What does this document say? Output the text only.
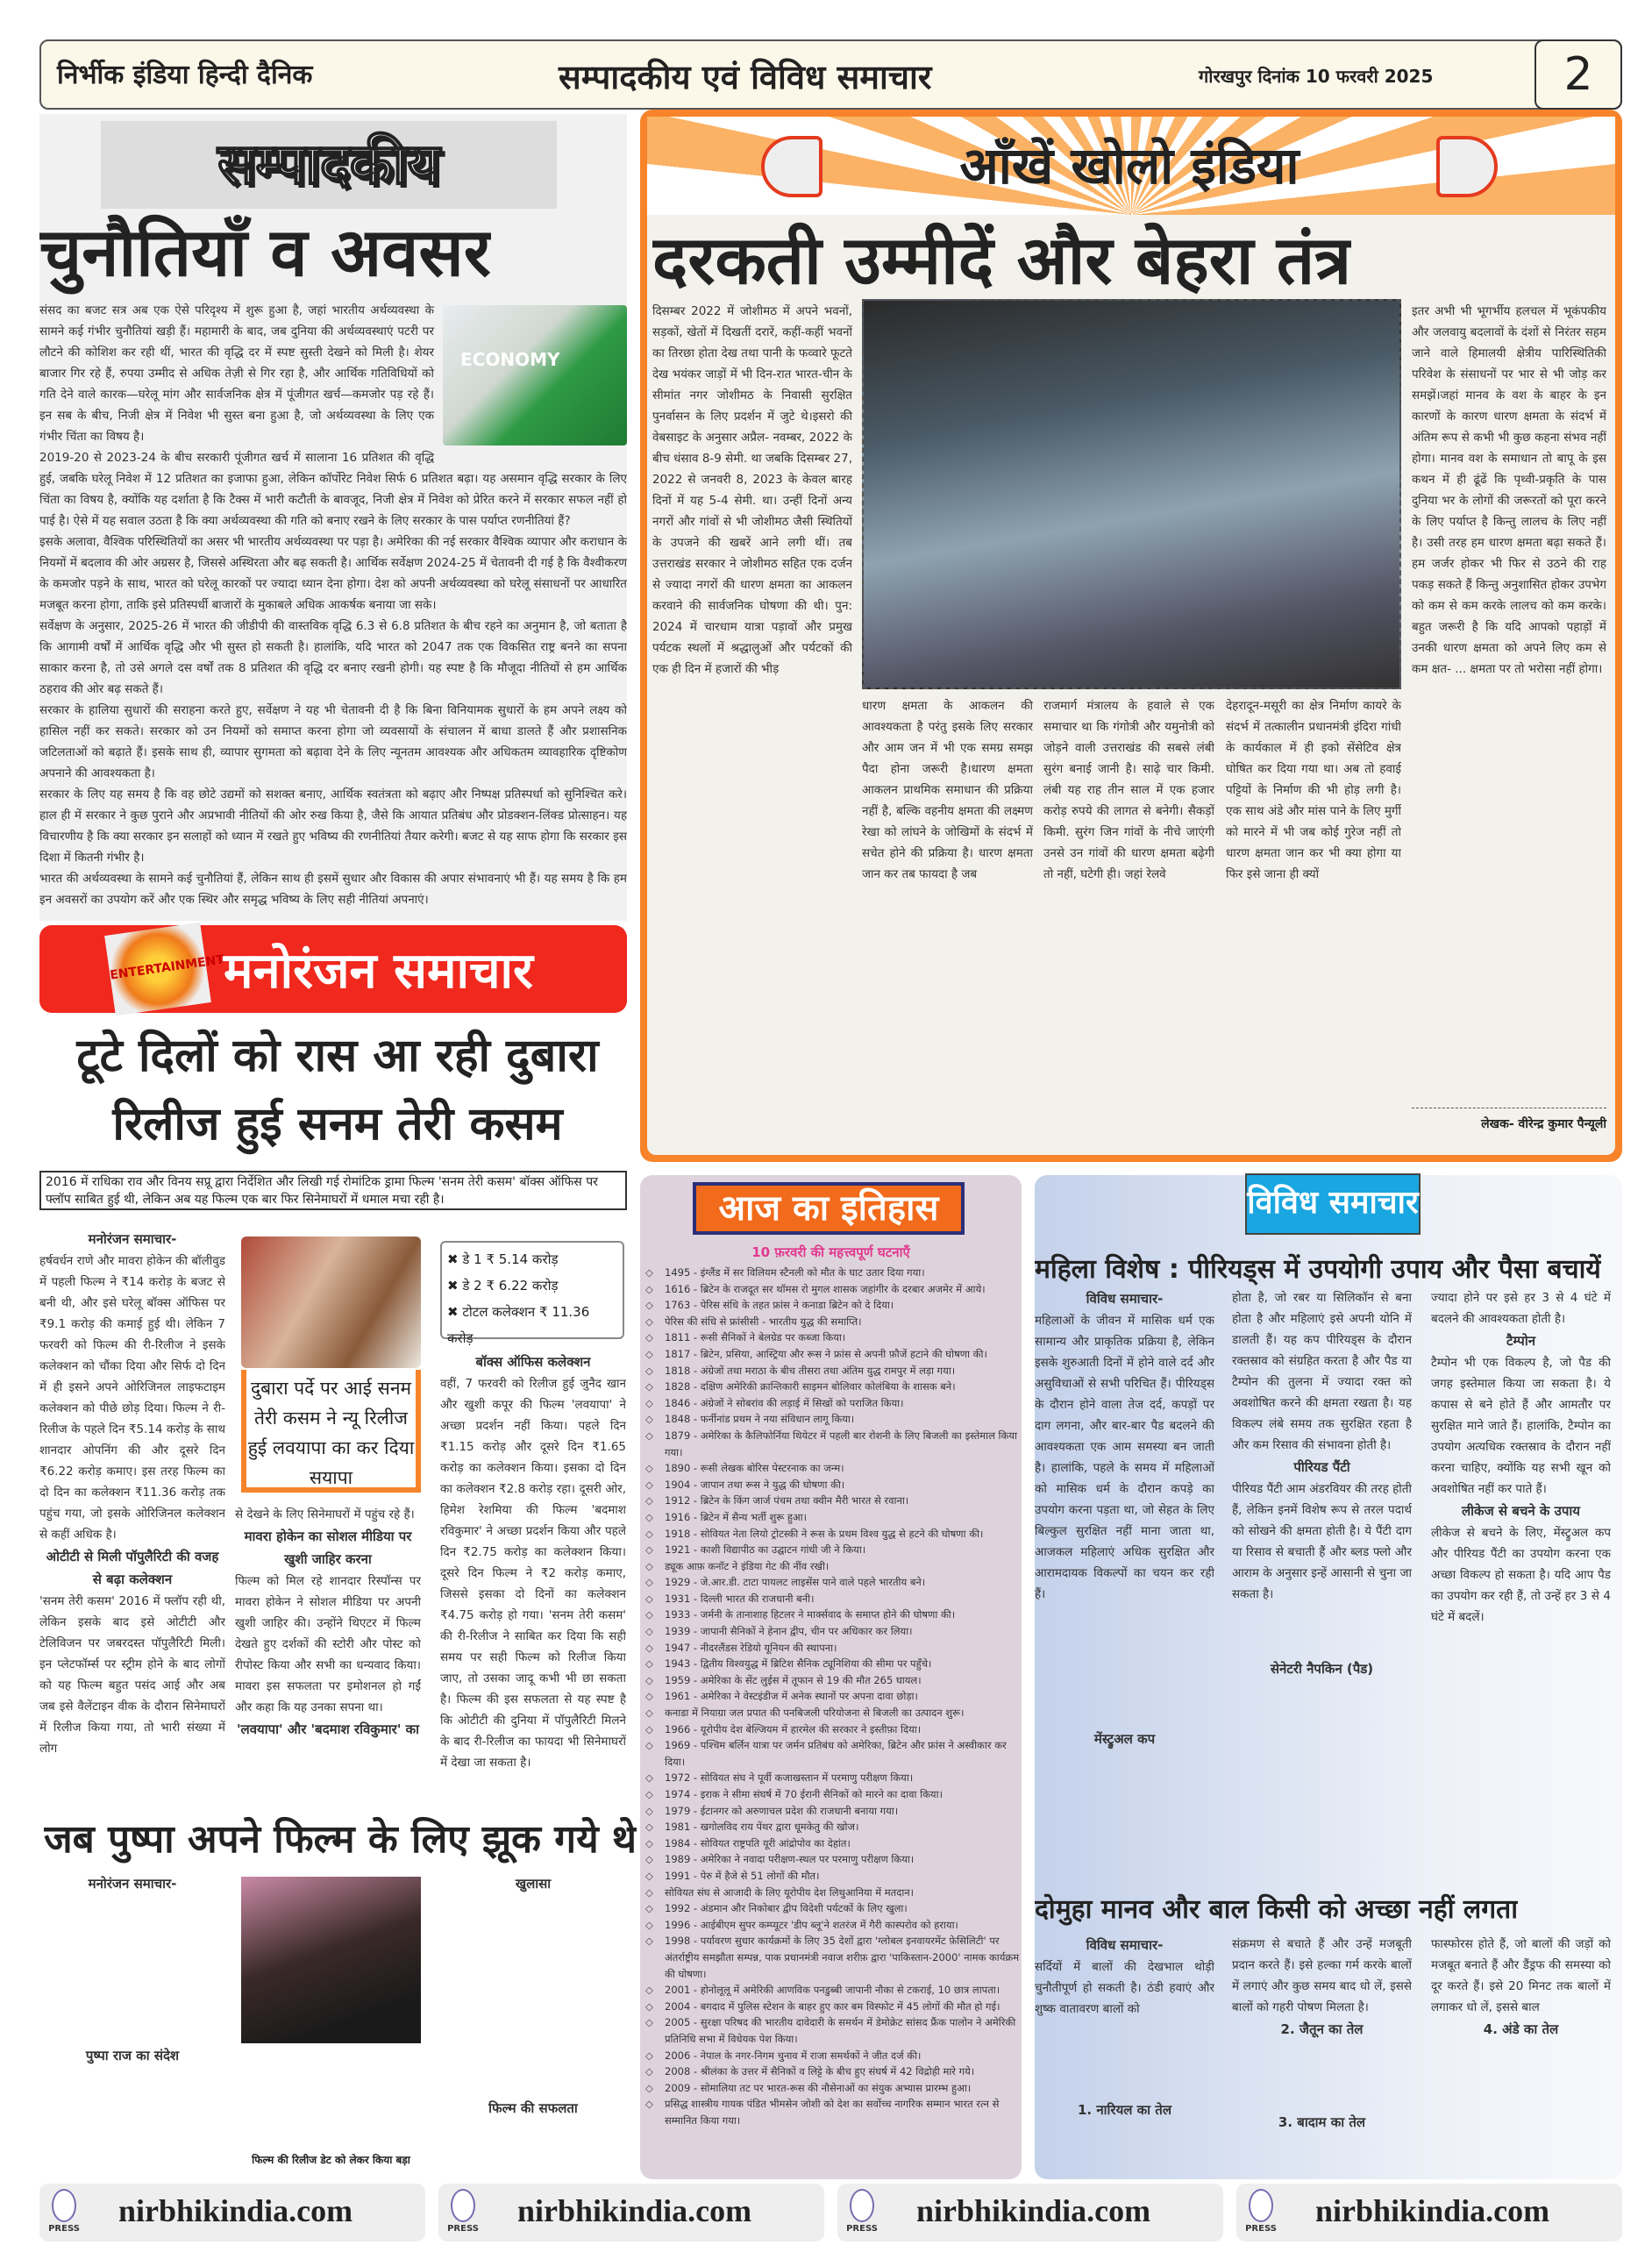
निर्भीक इंडिया हिन्दी दैनिक	सम्पादकीय एवं विविध समाचार	गोरखपुर दिनांक 10 फरवरी 2025	2
सम्पादकीय
चुनौतियाँ व अवसर
ECONOMY

संसद का बजट सत्र अब एक ऐसे परिदृश्य में शुरू हुआ है, जहां भारतीय अर्थव्यवस्था के सामने कई गंभीर चुनौतियां खड़ी हैं। महामारी के बाद, जब दुनिया की अर्थव्यवस्थाएं पटरी पर लौटने की कोशिश कर रही थीं, भारत की वृद्धि दर में स्पष्ट सुस्ती देखने को मिली है। शेयर बाजार गिर रहे हैं, रुपया उम्मीद से अधिक तेज़ी से गिर रहा है, और आर्थिक गतिविधियों को गति देने वाले कारक—घरेलू मांग और सार्वजनिक क्षेत्र में पूंजीगत खर्च—कमजोर पड़ रहे हैं। इन सब के बीच, निजी क्षेत्र में निवेश भी सुस्त बना हुआ है, जो अर्थव्यवस्था के लिए एक गंभीर चिंता का विषय है।

2019-20 से 2023-24 के बीच सरकारी पूंजीगत खर्च में सालाना 16 प्रतिशत की वृद्धि हुई, जबकि घरेलू निवेश में 12 प्रतिशत का इजाफा हुआ, लेकिन कॉर्पोरेट निवेश सिर्फ 6 प्रतिशत बढ़ा। यह असमान वृद्धि सरकार के लिए चिंता का विषय है, क्योंकि यह दर्शाता है कि टैक्स में भारी कटौती के बावजूद, निजी क्षेत्र में निवेश को प्रेरित करने में सरकार सफल नहीं हो पाई है। ऐसे में यह सवाल उठता है कि क्या अर्थव्यवस्था की गति को बनाए रखने के लिए सरकार के पास पर्याप्त रणनीतियां हैं?

इसके अलावा, वैश्विक परिस्थितियों का असर भी भारतीय अर्थव्यवस्था पर पड़ा है। अमेरिका की नई सरकार वैश्विक व्यापार और कराधान के नियमों में बदलाव की ओर अग्रसर है, जिससे अस्थिरता और बढ़ सकती है। आर्थिक सर्वेक्षण 2024-25 में चेतावनी दी गई है कि वैश्वीकरण के कमजोर पड़ने के साथ, भारत को घरेलू कारकों पर ज्यादा ध्यान देना होगा। देश को अपनी अर्थव्यवस्था को घरेलू संसाधनों पर आधारित मजबूत करना होगा, ताकि इसे प्रतिस्पर्धी बाजारों के मुकाबले अधिक आकर्षक बनाया जा सके।

सर्वेक्षण के अनुसार, 2025-26 में भारत की जीडीपी की वास्तविक वृद्धि 6.3 से 6.8 प्रतिशत के बीच रहने का अनुमान है, जो बताता है कि आगामी वर्षों में आर्थिक वृद्धि और भी सुस्त हो सकती है। हालांकि, यदि भारत को 2047 तक एक विकसित राष्ट्र बनने का सपना साकार करना है, तो उसे अगले दस वर्षों तक 8 प्रतिशत की वृद्धि दर बनाए रखनी होगी। यह स्पष्ट है कि मौजूदा नीतियों से हम आर्थिक ठहराव की ओर बढ़ सकते हैं।

सरकार के हालिया सुधारों की सराहना करते हुए, सर्वेक्षण ने यह भी चेतावनी दी है कि बिना विनियामक सुधारों के हम अपने लक्ष्य को हासिल नहीं कर सकते। सरकार को उन नियमों को समाप्त करना होगा जो व्यवसायों के संचालन में बाधा डालते हैं और प्रशासनिक जटिलताओं को बढ़ाते हैं। इसके साथ ही, व्यापार सुगमता को बढ़ावा देने के लिए न्यूनतम आवश्यक और अधिकतम व्यावहारिक दृष्टिकोण अपनाने की आवश्यकता है।

सरकार के लिए यह समय है कि वह छोटे उद्यमों को सशक्त बनाए, आर्थिक स्वतंत्रता को बढ़ाए और निष्पक्ष प्रतिस्पर्धा को सुनिश्चित करे। हाल ही में सरकार ने कुछ पुराने और अप्रभावी नीतियों की ओर रुख किया है, जैसे कि आयात प्रतिबंध और प्रोडक्शन-लिंक्ड प्रोत्साहन। यह विचारणीय है कि क्या सरकार इन सलाहों को ध्यान में रखते हुए भविष्य की रणनीतियां तैयार करेगी। बजट से यह साफ होगा कि सरकार इस दिशा में कितनी गंभीर है।

भारत की अर्थव्यवस्था के सामने कई चुनौतियां हैं, लेकिन साथ ही इसमें सुधार और विकास की अपार संभावनाएं भी हैं। यह समय है कि हम इन अवसरों का उपयोग करें और एक स्थिर और समृद्ध भविष्य के लिए सही नीतियां अपनाएं।

ENTERTAINMENT
मनोरंजन समाचार
टूटे दिलों को रास आ रही दुबारा रिलीज हुई सनम तेरी कसम
2016 में राधिका राव और विनय सप्रू द्वारा निर्देशित और लिखी गई रोमांटिक ड्रामा फिल्म 'सनम तेरी कसम' बॉक्स ऑफिस पर फ्लॉप साबित हुई थी, लेकिन अब यह फिल्म एक बार फिर सिनेमाघरों में धमाल मचा रही है।
मनोरंजन समाचार-

हर्षवर्धन राणे और मावरा होकेन की बॉलीवुड में पहली फिल्म ने ₹14 करोड़ के बजट से बनी थी, और इसे घरेलू बॉक्स ऑफिस पर ₹9.1 करोड़ की कमाई हुई थी। लेकिन 7 फरवरी को फिल्म की री-रिलीज ने इसके कलेक्शन को चौंका दिया और सिर्फ दो दिन में ही इसने अपने ओरिजिनल लाइफटाइम कलेक्शन को पीछे छोड़ दिया। फिल्म ने री-रिलीज के पहले दिन ₹5.14 करोड़ के साथ शानदार ओपनिंग की और दूसरे दिन ₹6.22 करोड़ कमाए। इस तरह फिल्म का दो दिन का कलेक्शन ₹11.36 करोड़ तक पहुंच गया, जो इसके ओरिजिनल कलेक्शन से कहीं अधिक है।

ओटीटी से मिली पॉपुलैरिटी की वजह से बढ़ा कलेक्शन

'सनम तेरी कसम' 2016 में फ्लॉप रही थी, लेकिन इसके बाद इसे ओटीटी और टेलिविजन पर जबरदस्त पॉपुलैरिटी मिली। इन प्लेटफॉर्म्स पर स्ट्रीम होने के बाद लोगों को यह फिल्म बहुत पसंद आई और अब जब इसे वैलेंटाइन वीक के दौरान सिनेमाघरों में रिलीज किया गया, तो भारी संख्या में लोग

दुबारा पर्दे पर आई सनम तेरी कसम ने न्यू रिलीज हुई लवयापा का कर दिया सयापा

से देखने के लिए सिनेमाघरों में पहुंच रहे हैं।

मावरा होकेन का सोशल मीडिया पर खुशी जाहिर करना

फिल्म को मिल रहे शानदार रिस्पॉन्स पर मावरा होकेन ने सोशल मीडिया पर अपनी खुशी जाहिर की। उन्होंने थिएटर में फिल्म देखते हुए दर्शकों की स्टोरी और पोस्ट को रीपोस्ट किया और सभी का धन्यवाद किया। मावरा इस सफलता पर इमोशनल हो गईं और कहा कि यह उनका सपना था।

'लवयापा' और 'बदमाश रविकुमार' का
✖ डे 1 ₹ 5.14 करोड़
✖ डे 2 ₹ 6.22 करोड़
✖ टोटल कलेक्शन ₹ 11.36 करोड़
बॉक्स ऑफिस कलेक्शन

वहीं, 7 फरवरी को रिलीज हुई जुनैद खान और खुशी कपूर की फिल्म 'लवयापा' ने अच्छा प्रदर्शन नहीं किया। पहले दिन ₹1.15 करोड़ और दूसरे दिन ₹1.65 करोड़ का कलेक्शन किया। इसका दो दिन का कलेक्शन ₹2.8 करोड़ रहा। दूसरी ओर, हिमेश रेशमिया की फिल्म 'बदमाश रविकुमार' ने अच्छा प्रदर्शन किया और पहले दिन ₹2.75 करोड़ का कलेक्शन किया। दूसरे दिन फिल्म ने ₹2 करोड़ कमाए, जिससे इसका दो दिनों का कलेक्शन ₹4.75 करोड़ हो गया। 'सनम तेरी कसम' की री-रिलीज ने साबित कर दिया कि सही समय पर सही फिल्म को रिलीज किया जाए, तो उसका जादू कभी भी छा सकता है। फिल्म की इस सफलता से यह स्पष्ट है कि ओटीटी की दुनिया में पॉपुलैरिटी मिलने के बाद री-रिलीज का फायदा भी सिनेमाघरों में देखा जा सकता है।

जब पुष्पा अपने फिल्म के लिए झूक गये थे
मनोरंजन समाचार-
पुष्पा राज का संदेश
फिल्म की रिलीज डेट को लेकर किया बड़ा
खुलासा
फिल्म की सफलता
आँखें खोलो इंडिया
दरकती उम्मीदें और बेहरा तंत्र
दिसम्बर 2022 में जोशीमठ में अपने भवनों, सड़कों, खेतों में दिखतीं दरारें, कहीं-कहीं भवनों का तिरछा होता देख तथा पानी के फव्वारे फूटते देख भयंकर जाड़ों में भी दिन-रात भारत-चीन के सीमांत नगर जोशीमठ के निवासी सुरक्षित पुनर्वासन के लिए प्रदर्शन में जुटे थे।इसरो की वेबसाइट के अनुसार अप्रैल- नवम्बर, 2022 के बीच धंसाव 8-9 सेमी. था जबकि दिसम्बर 27, 2022 से जनवरी 8, 2023 के केवल बारह दिनों में यह 5-4 सेमी. था। उन्हीं दिनों अन्य नगरों और गांवों से भी जोशीमठ जैसी स्थितियों के उपजने की खबरें आने लगी थीं। तब उत्तराखंड सरकार ने जोशीमठ सहित एक दर्जन से ज्यादा नगरों की धारण क्षमता का आकलन करवाने की सार्वजनिक घोषणा की थी। पुन: 2024 में चारधाम यात्रा पड़ावों और प्रमुख पर्यटक स्थलों में श्रद्धालुओं और पर्यटकों की एक ही दिन में हजारों की भीड़
धारण क्षमता के आकलन की आवश्यकता है परंतु इसके लिए सरकार और आम जन में भी एक समग्र समझ पैदा होना जरूरी है।धारण क्षमता आकलन प्राथमिक समाधान की प्रक्रिया नहीं है, बल्कि वहनीय क्षमता की लक्ष्मण रेखा को लांघने के जोखिमों के संदर्भ में सचेत होने की प्रक्रिया है। धारण क्षमता जान कर तब फायदा है जब
राजमार्ग मंत्रालय के हवाले से एक समाचार था कि गंगोत्री और यमुनोत्री को जोड़ने वाली उत्तराखंड की सबसे लंबी सुरंग बनाई जानी है। साढ़े चार किमी. लंबी यह राह तीन साल में एक हजार करोड़ रुपये की लागत से बनेगी। सैकड़ों किमी. सुरंग जिन गांवों के नीचे जाएंगी उनसे उन गांवों की धारण क्षमता बढ़ेगी तो नहीं, घटेगी ही। जहां रेलवे
देहरादून-मसूरी का क्षेत्र निर्माण कायरे के संदर्भ में तत्कालीन प्रधानमंत्री इंदिरा गांधी के कार्यकाल में ही इको सेंसेटिव क्षेत्र घोषित कर दिया गया था। अब तो हवाई पट्टियों के निर्माण की भी होड़ लगी है। एक साथ अंडे और मांस पाने के लिए मुर्गी को मारने में भी जब कोई गुरेज नहीं तो धारण क्षमता जान कर भी क्या होगा या फिर इसे जाना ही क्यों
इतर अभी भी भूगर्भीय हलचल में भूकंपकीय और जलवायु बदलावों के दंशों से निरंतर सहम जाने वाले हिमालयी क्षेत्रीय पारिस्थितिकी परिवेश के संसाधनों पर भार से भी जोड़ कर समझें।जहां मानव के वश के बाहर के इन कारणों के कारण धारण क्षमता के संदर्भ में अंतिम रूप से कभी भी कुछ कहना संभव नहीं होगा। मानव वश के समाधान तो बापू के इस कथन में ही ढूंढें कि पृथ्वी-प्रकृति के पास दुनिया भर के लोगों की जरूरतों को पूरा करने के लिए पर्याप्त है किन्तु लालच के लिए नहीं है। उसी तरह हम धारण क्षमता बढ़ा सकते हैं। हम जर्जर होकर भी फिर से उठने की राह पकड़ सकते हैं किन्तु अनुशासित होकर उपभेग को कम से कम करके लालच को कम करके।बहुत जरूरी है कि यदि आपको पहाड़ों में उनकी धारण क्षमता को अपने लिए कम से कम क्षत- ... क्षमता पर तो भरोसा नहीं होगा।
लेखक- वीरेन्द्र कुमार पैन्यूली
आज का इतिहास
10 फ़रवरी की महत्त्वपूर्ण घटनाएँ
◇ 1495 - इंग्लैंड में सर विलियम स्टैनली को मौत के घाट उतार दिया गया।
◇ 1616 - ब्रिटेन के राजदूत सर थॉमस रो मुगल शासक जहांगीर के दरबार अजमेर में आये।
◇ 1763 - पेरिस संधि के तहत फ्रांस ने कनाडा ब्रिटेन को दे दिया।
◇ पेरिस की संधि से फ्रांसीसी - भारतीय युद्ध की समाप्ति।
◇ 1811 - रूसी सैनिकों ने बेलग्रेड पर कब्जा किया।
◇ 1817 - ब्रिटेन, प्रसिया, आस्ट्रिया और रूस ने फ्रांस से अपनी फ़ौजें हटाने की घोषणा की।
◇ 1818 - अंग्रेजों तथा मराठा के बीच तीसरा तथा अंतिम युद्ध रामपुर में लड़ा गया।
◇ 1828 - दक्षिण अमेरिकी क्रान्तिकारी साइमन बोलिवार कोलंबिया के शासक बने।
◇ 1846 - अंग्रेजों ने सोबरांव की लड़ाई में सिखों को पराजित किया।
◇ 1848 - फर्नीनांड प्रथम ने नया संविधान लागू किया।
◇ 1879 - अमेरिका के कैलिफोर्निया थियेटर में पहली बार रोशनी के लिए बिजली का इस्तेमाल किया गया।
◇ 1890 - रूसी लेखक बोरिस पेस्टरनाक का जन्म।
◇ 1904 - जापान तथा रूस ने युद्ध की घोषणा की।
◇ 1912 - ब्रिटेन के किंग जार्ज पंचम तथा क्वीन मैरी भारत से रवाना।
◇ 1916 - ब्रिटेन में सैन्य भर्ती शुरू हुआ।
◇ 1918 - सोवियत नेता लियो ट्रोटस्की ने रूस के प्रथम विश्व युद्ध से हटने की घोषणा की।
◇ 1921 - काशी विद्यापीठ का उद्घाटन गांधी जी ने किया।
◇ ड्यूक आफ़ कनॉट ने इंडिया गेट की नींव रखी।
◇ 1929 - जे.आर.डी. टाटा पायलट लाइसेंस पाने वाले पहले भारतीय बने।
◇ 1931 - दिल्ली भारत की राजधानी बनी।
◇ 1933 - जर्मनी के तानाशाह हिटलर ने मार्क्सवाद के समाप्त होने की घोषणा की।
◇ 1939 - जापानी सैनिकों ने हेनान द्वीप, चीन पर अधिकार कर लिया।
◇ 1947 - नीदरलैंडस रेडियो यूनियन की स्थापना।
◇ 1943 - द्वितीय विश्वयुद्ध में ब्रिटिश सैनिक ट्यूनिशिया की सीमा पर पहुँचे।
◇ 1959 - अमेरिका के सेंट लुईस में तूफान से 19 की मौत 265 घायल।
◇ 1961 - अमेरिका ने वेस्टइंडीज में अनेक स्थानों पर अपना दावा छोड़ा।
◇ कनाडा में नियाग्रा जल प्रपात की पनबिजली परियोजना से बिजली का उत्पादन शुरू।
◇ 1966 - यूरोपीय देश बेल्जियम में हारमेल की सरकार ने इस्तीफ़ा दिया।
◇ 1969 - पश्चिम बर्लिन यात्रा पर जर्मन प्रतिबंध को अमेरिका, ब्रिटेन और फ्रांस ने अस्वीकार कर दिया।
◇ 1972 - सोवियत संघ ने पूर्वी कजाखस्तान में परमाणु परीक्षण किया।
◇ 1974 - इराक ने सीमा संघर्ष में 70 ईरानी सैनिकों को मारने का दावा किया।
◇ 1979 - ईटानगर को अरुणाचल प्रदेश की राजधानी बनाया गया।
◇ 1981 - खगोलविद राय पेंथर द्वारा धूमकेतु की खोज।
◇ 1984 - सोवियत राष्ट्रपति यूरी आंद्रोपोव का देहांत।
◇ 1989 - अमेरिका ने नवादा परीक्षण-स्थल पर परमाणु परीक्षण किया।
◇ 1991 - पेरु में हैजे से 51 लोगों की मौत।
◇ सोवियत संघ से आजादी के लिए यूरोपीय देश लिथुआनिया में मतदान।
◇ 1992 - अंडमान और निकोबार द्वीप विदेशी पर्यटकों के लिए खुला।
◇ 1996 - आईबीएम सुपर कम्प्यूटर 'डीप ब्लू'ने शतरंज में गैरी कास्परोव को हराया।
◇ 1998 - पर्यावरण सुधार कार्यक्रमों के लिए 35 देशों द्वारा 'ग्लोबल इनवायरमेंट फ़ेसिलिटी' पर अंतर्राष्ट्रीय समझौता सम्पन्न, पाक प्रधानमंत्री नवाज शरीफ़ द्वारा 'पाकिस्तान-2000' नामक कार्यक्रम की घोषणा।
◇ 2001 - होनोलूलू में अमेरिकी आणविक पनडुब्बी जापानी नौका से टकराई, 10 छात्र लापता।
◇ 2004 - बगदाद में पुलिस स्टेशन के बाहर हुए कार बम विस्फोट में 45 लोगों की मौत हो गई।
◇ 2005 - सुरक्षा परिषद की भारतीय दावेदारी के समर्थन में डेमोक्रेट सांसद फ्रैंक पालोन ने अमेरिकी प्रतिनिधि सभा में विधेयक पेश किया।
◇ 2006 - नेपाल के नगर-निगम चुनाव में राजा समर्थकों ने जीत दर्ज की।
◇ 2008 - श्रीलंका के उत्तर में सैनिकों व लिट्टे के बीच हुए संघर्ष में 42 विद्रोही मारे गये।
◇ 2009 - सोमालिया तट पर भारत-रूस की नौसेनाओं का संयुक अभ्यास प्रारम्भ हुआ।
◇ प्रसिद्ध शास्त्रीय गायक पंडित भीमसेन जोशी को देश का सर्वोच्च नागरिक सम्मान भारत रत्न से सम्मानित किया गया।
विविध समाचार
महिला विशेष : पीरियड्स में उपयोगी उपाय और पैसा बचायें
विविध समाचार-

महिलाओं के जीवन में मासिक धर्म एक सामान्य और प्राकृतिक प्रक्रिया है, लेकिन इसके शुरुआती दिनों में होने वाले दर्द और असुविधाओं से सभी परिचित हैं। पीरियड्स के दौरान होने वाला तेज दर्द, कपड़ों पर दाग लगना, और बार-बार पैड बदलने की आवश्यकता एक आम समस्या बन जाती है। हालांकि, पहले के समय में महिलाओं को मासिक धर्म के दौरान कपड़े का उपयोग करना पड़ता था, जो सेहत के लिए बिल्कुल सुरक्षित नहीं माना जाता था, आजकल महिलाएं अधिक सुरक्षित और आरामदायक विकल्पों का चयन कर रही हैं।

मेंस्ट्रुअल कप

होता है, जो रबर या सिलिकॉन से बना होता है और महिलाएं इसे अपनी योनि में डालती हैं। यह कप पीरियड्स के दौरान रक्तस्राव को संग्रहित करता है और पैड या टैम्पोन की तुलना में ज्यादा रक्त को अवशोषित करने की क्षमता रखता है। यह विकल्प लंबे समय तक सुरक्षित रहता है और कम रिसाव की संभावना होती है।

पीरियड पैंटी

पीरियड पैंटी आम अंडरवियर की तरह होती हैं, लेकिन इनमें विशेष रूप से तरल पदार्थ को सोखने की क्षमता होती है। ये पैंटी दाग या रिसाव से बचाती हैं और ब्लड फ्लो और आराम के अनुसार इन्हें आसानी से चुना जा सकता है।

सेनेटरी नैपकिन (पैड)

ज्यादा होने पर इसे हर 3 से 4 घंटे में बदलने की आवश्यकता होती है।

टैम्पोन

टैम्पोन भी एक विकल्प है, जो पैड की जगह इस्तेमाल किया जा सकता है। ये कपास से बने होते हैं और आमतौर पर सुरक्षित माने जाते हैं। हालांकि, टैम्पोन का उपयोग अत्यधिक रक्तस्राव के दौरान नहीं करना चाहिए, क्योंकि यह सभी खून को अवशोषित नहीं कर पाते हैं।

लीकेज से बचने के उपाय

लीकेज से बचने के लिए, मेंस्ट्रुअल कप और पीरियड पैंटी का उपयोग करना एक अच्छा विकल्प हो सकता है। यदि आप पैड का उपयोग कर रही हैं, तो उन्हें हर 3 से 4 घंटे में बदलें।

दोमुहा मानव और बाल किसी को अच्छा नहीं लगता
विविध समाचार-

सर्दियों में बालों की देखभाल थोड़ी चुनौतीपूर्ण हो सकती है। ठंडी हवाएं और शुष्क वातावरण बालों को

1. नारियल का तेल

संक्रमण से बचाते हैं और उन्हें मजबूती प्रदान करते हैं। इसे हल्का गर्म करके बालों में लगाएं और कुछ समय बाद धो लें, इससे बालों को गहरी पोषण मिलता है।

2. जैतून का तेल
3. बादाम का तेल

फास्फोरस होते हैं, जो बालों की जड़ों को मजबूत बनाते हैं और डैंड्रफ की समस्या को दूर करते हैं। इसे 20 मिनट तक बालों में लगाकर धो लें, इससे बाल

4. अंडे का तेल
PRESS
nirbhikindia.com
PRESS
nirbhikindia.com
PRESS
nirbhikindia.com
PRESS
nirbhikindia.com
